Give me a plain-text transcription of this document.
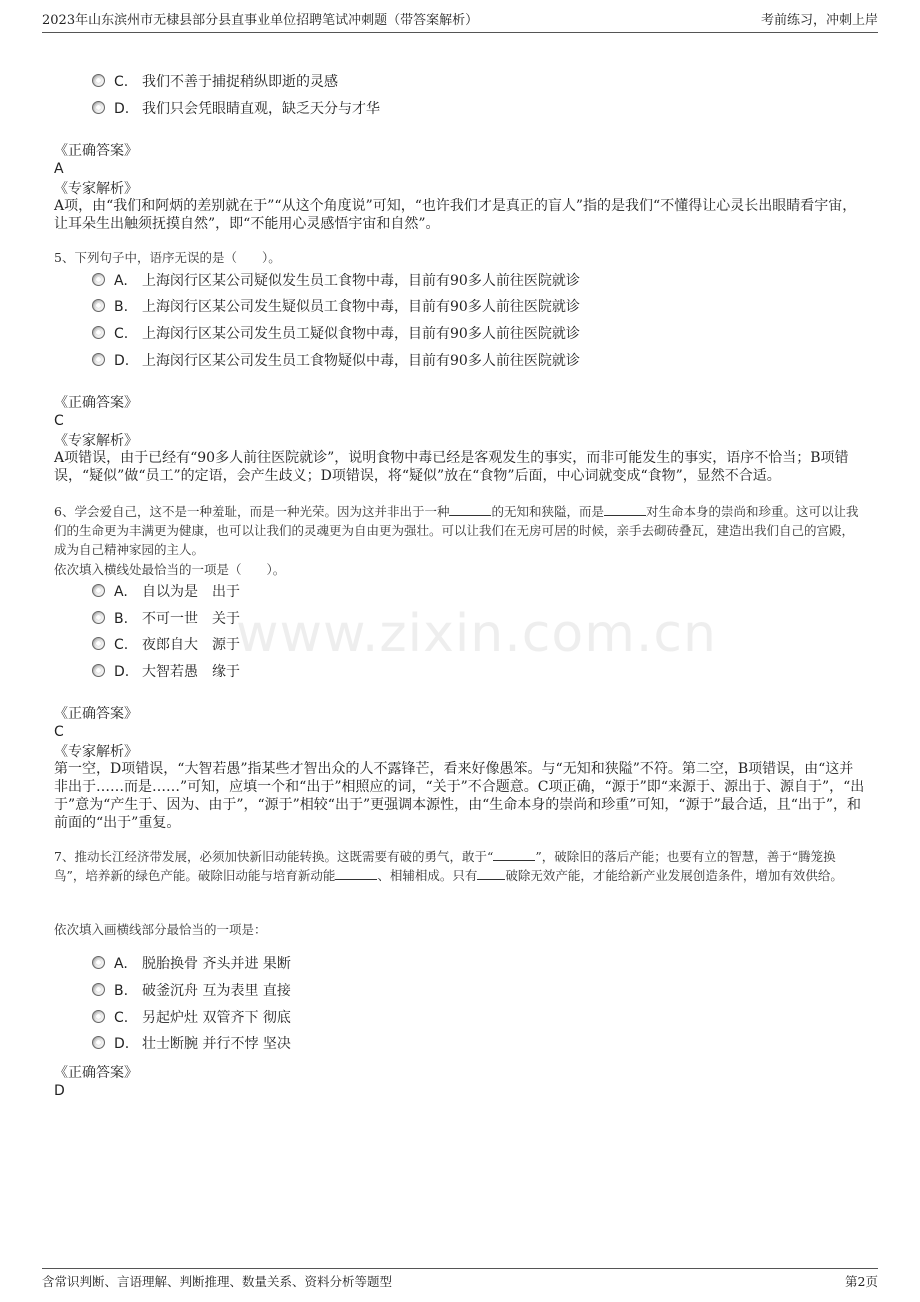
2023年山东滨州市无棣县部分县直事业单位招聘笔试冲刺题（带答案解析）	考前练习，冲刺上岸
www.zixin.com.cn
C. 我们不善于捕捉稍纵即逝的灵感
D. 我们只会凭眼睛直观，缺乏天分与才华
《正确答案》
A
《专家解析》
A项，由“我们和阿炳的差别就在于”“从这个角度说”可知，“也许我们才是真正的盲人”指的是我们“不懂得让心灵长出眼睛看宇宙，让耳朵生出触须抚摸自然”，即“不能用心灵感悟宇宙和自然”。
5、下列句子中，语序无误的是（　　）。
A. 上海闵行区某公司疑似发生员工食物中毒，目前有90多人前往医院就诊
B. 上海闵行区某公司发生疑似员工食物中毒，目前有90多人前往医院就诊
C. 上海闵行区某公司发生员工疑似食物中毒，目前有90多人前往医院就诊
D. 上海闵行区某公司发生员工食物疑似中毒，目前有90多人前往医院就诊
《正确答案》
C
《专家解析》
A项错误，由于已经有“90多人前往医院就诊”，说明食物中毒已经是客观发生的事实，而非可能发生的事实，语序不恰当；B项错误，“疑似”做“员工”的定语，会产生歧义；D项错误，将“疑似”放在“食物”后面，中心词就变成“食物”，显然不合适。
6、学会爱自己，这不是一种羞耻，而是一种光荣。因为这并非出于一种	的无知和狭隘，而是	对生命本身的崇尚和珍重。这可以让我们的生命更为丰满更为健康，也可以让我们的灵魂更为自由更为强壮。可以让我们在无房可居的时候，亲手去砌砖叠瓦，建造出我们自己的宫殿，成为自己精神家园的主人。
依次填入横线处最恰当的一项是（　　）。
A. 自以为是　出于
B. 不可一世　关于
C. 夜郎自大　源于
D. 大智若愚　缘于
《正确答案》
C
《专家解析》
第一空，D项错误，“大智若愚”指某些才智出众的人不露锋芒，看来好像愚笨。与“无知和狭隘”不符。第二空，B项错误，由“这并非出于……而是……”可知，应填一个和“出于”相照应的词，“关于”不合题意。C项正确，“源于”即“来源于、源出于、源自于”，“出于”意为“产生于、因为、由于”，“源于”相较“出于”更强调本源性，由“生命本身的崇尚和珍重”可知，“源于”最合适，且“出于”，和前面的“出于”重复。
7、推动长江经济带发展，必须加快新旧动能转换。这既需要有破的勇气，敢于“	”，破除旧的落后产能；也要有立的智慧，善于“腾笼换鸟”，培养新的绿色产能。破除旧动能与培育新动能	、相辅相成。只有 破除无效产能，才能给新产业发展创造条件，增加有效供给。
依次填入画横线部分最恰当的一项是：
A. 脱胎换骨 齐头并进 果断
B. 破釜沉舟 互为表里 直接
C. 另起炉灶 双管齐下 彻底
D. 壮士断腕 并行不悖 坚决
《正确答案》
D
含常识判断、言语理解、判断推理、数量关系、资料分析等题型	第2页
